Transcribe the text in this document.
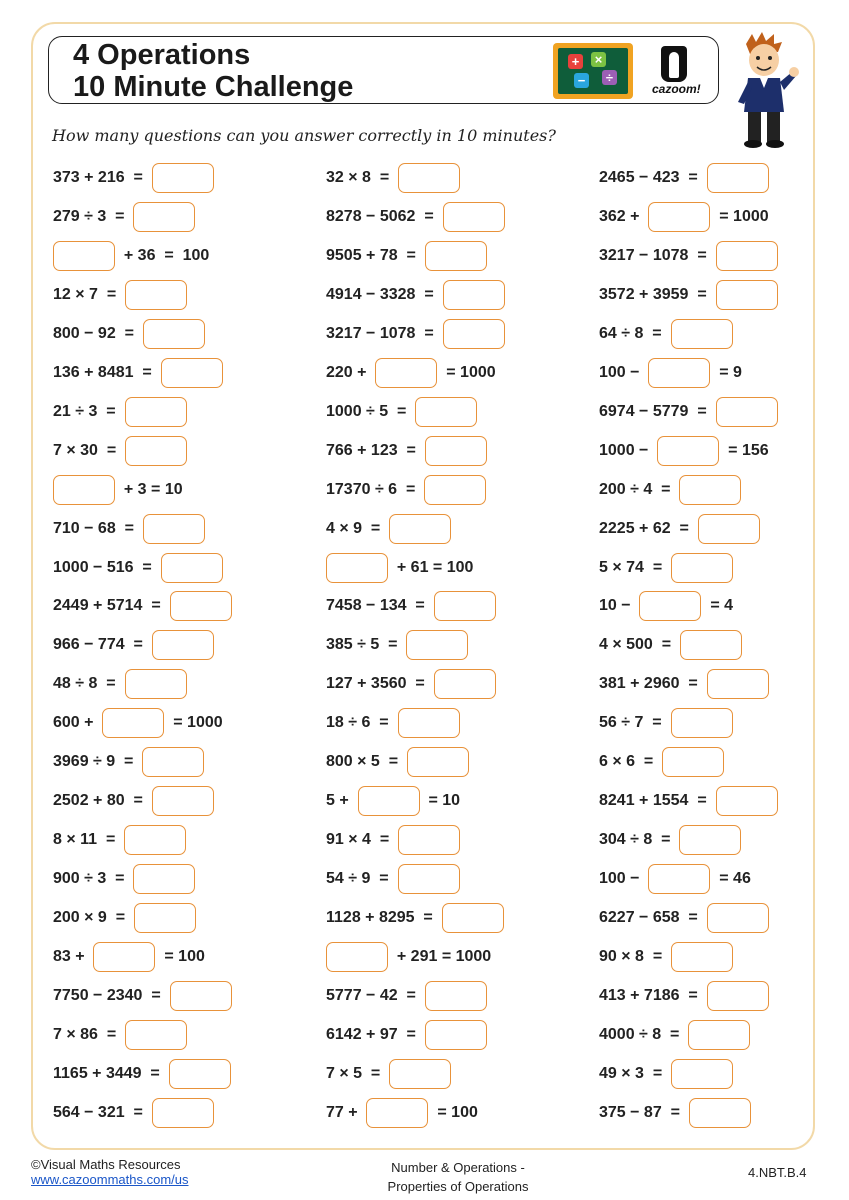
4 Operations
10 Minute Challenge
+ ×
−	÷
cazoom!
How many questions can you answer correctly in 10 minutes?
373 + 216  =
279 ÷ 3  =
+ 36  =  100
12 × 7  =
800 − 92  =
136 + 8481  =
21 ÷ 3  =
7 × 30  =
+ 3 = 10
710 − 68  =
1000 − 516  =
2449 + 5714  =
966 − 774  =
48 ÷ 8  =
600 +	= 1000
3969 ÷ 9  =
2502 + 80  =
8 × 11  =
900 ÷ 3  =
200 × 9  =
83 +	= 100
7750 − 2340  =
7 × 86  =
1165 + 3449  =
564 − 321  =
32 × 8  =
8278 − 5062  =
9505 + 78  =
4914 − 3328  =
3217 − 1078  =
220 +	= 1000
1000 ÷ 5  =
766 + 123  =
17370 ÷ 6  =
4 × 9  =
+ 61 = 100
7458 − 134  =
385 ÷ 5  =
127 + 3560  =
18 ÷ 6  =
800 × 5  =
5 +	= 10
91 × 4  =
54 ÷ 9  =
1128 + 8295  =
+ 291 = 1000
5777 − 42  =
6142 + 97  =
7 × 5  =
77 +	= 100
2465 − 423  =
362 +	= 1000
3217 − 1078  =
3572 + 3959  =
64 ÷ 8  =
100 −	= 9
6974 − 5779  =
1000 −	= 156
200 ÷ 4  =
2225 + 62  =
5 × 74  =
10 −	= 4
4 × 500  =
381 + 2960  =
56 ÷ 7  =
6 × 6  =
8241 + 1554  =
304 ÷ 8  =
100 −	= 46
6227 − 658  =
90 × 8  =
413 + 7186  =
4000 ÷ 8  =
49 × 3  =
375 − 87  =
©Visual Maths Resources
www.cazoommaths.com/us
Number & Operations -
Properties of Operations
4.NBT.B.4
